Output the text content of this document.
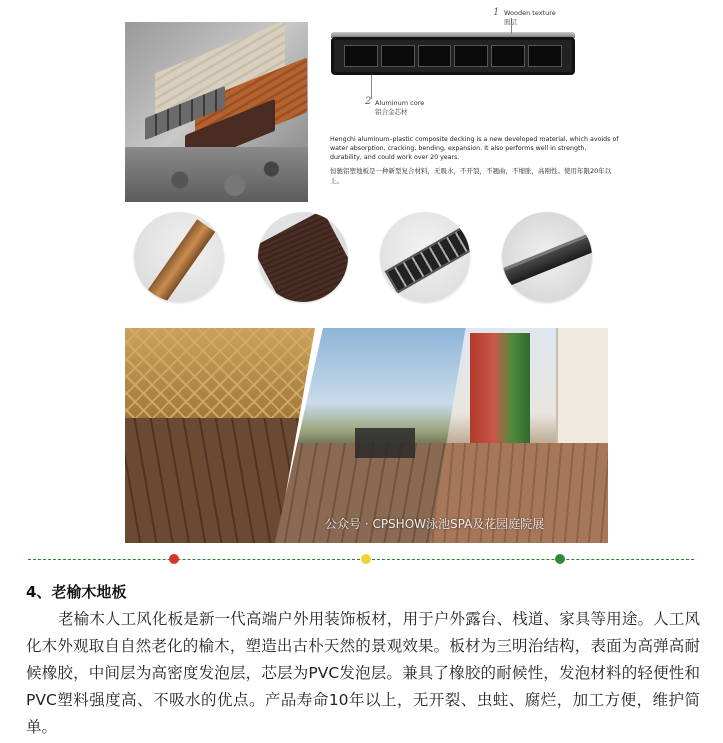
1 Wooden texture
面层
2 Aluminum core
铝合金芯材
Hengchi aluminum–plastic composite decking is a new developed material, which avoids of water absorption, cracking, bending, expansion. It also performs well in strength, durability, and could work over 20 years.
恒驰铝塑地板是一种新型复合材料，无吸水，不开裂，不翘曲，不缩胀，高刚性。使用年限20年以上。
公众号 · CPSHOW泳池SPA及花园庭院展
4、老榆木地板
老榆木人工风化板是新一代高端户外用装饰板材，用于户外露台、栈道、家具等用途。人工风化木外观取自自然老化的榆木，塑造出古朴天然的景观效果。板材为三明治结构，表面为高弹高耐候橡胶，中间层为高密度发泡层，芯层为PVC发泡层。兼具了橡胶的耐候性，发泡材料的轻便性和PVC塑料强度高、不吸水的优点。产品寿命10年以上，无开裂、虫蛀、腐烂，加工方便，维护简单。
